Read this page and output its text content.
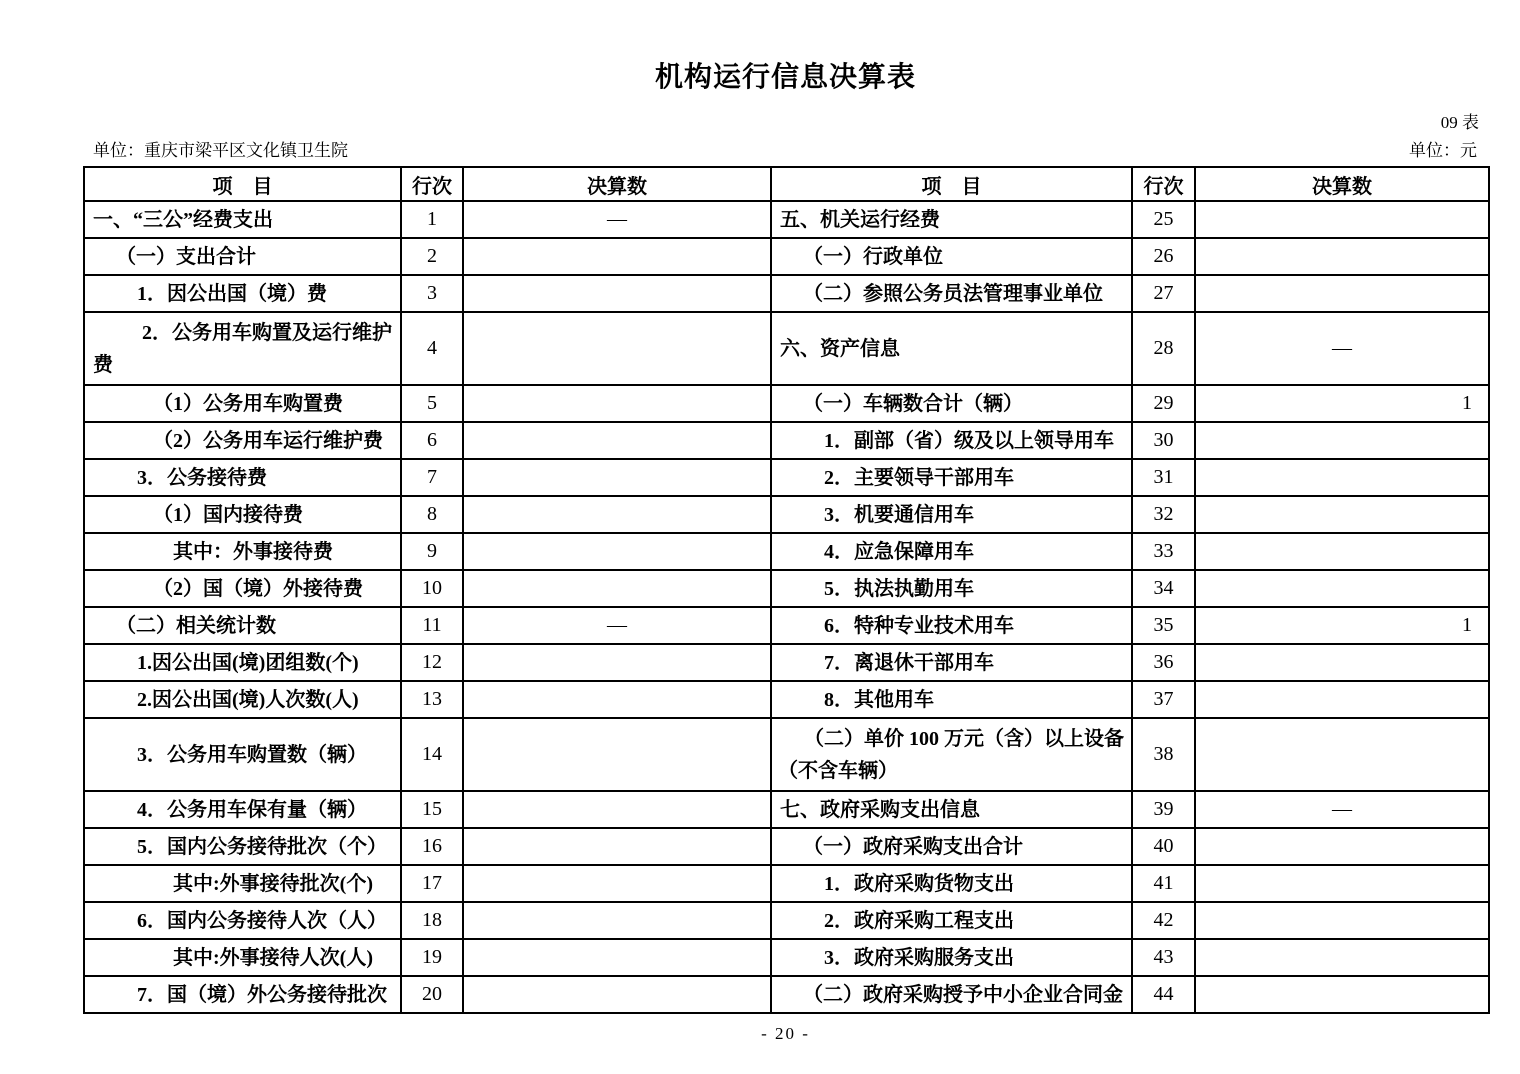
机构运行信息决算表
09 表
单位：重庆市梁平区文化镇卫生院	单位：元
项　目	行次	决算数	项　目	行次	决算数
一、“三公”经费支出	1	—	五、机关运行经费	25	
（一）支出合计	2		（一）行政单位	26	
1．因公出国（境）费	3		（二）参照公务员法管理事业单位	27	
2．公务用车购置及运行维护费	4		六、资产信息	28	—
（1）公务用车购置费	5		（一）车辆数合计（辆）	29	1
（2）公务用车运行维护费	6		1．副部（省）级及以上领导用车	30	
3．公务接待费	7		2．主要领导干部用车	31	
（1）国内接待费	8		3．机要通信用车	32	
其中：外事接待费	9		4．应急保障用车	33	
（2）国（境）外接待费	10		5．执法执勤用车	34	
（二）相关统计数	11	—	6．特种专业技术用车	35	1
1.因公出国(境)团组数(个)	12		7．离退休干部用车	36	
2.因公出国(境)人次数(人)	13		8．其他用车	37	
3．公务用车购置数（辆）	14		（二）单价 100 万元（含）以上设备（不含车辆）	38	
4．公务用车保有量（辆）	15		七、政府采购支出信息	39	—
5．国内公务接待批次（个）	16		（一）政府采购支出合计	40	
其中:外事接待批次(个)	17		1．政府采购货物支出	41	
6．国内公务接待人次（人）	18		2．政府采购工程支出	42	
其中:外事接待人次(人)	19		3．政府采购服务支出	43	
7．国（境）外公务接待批次	20		（二）政府采购授予中小企业合同金	44	
- 20 -
